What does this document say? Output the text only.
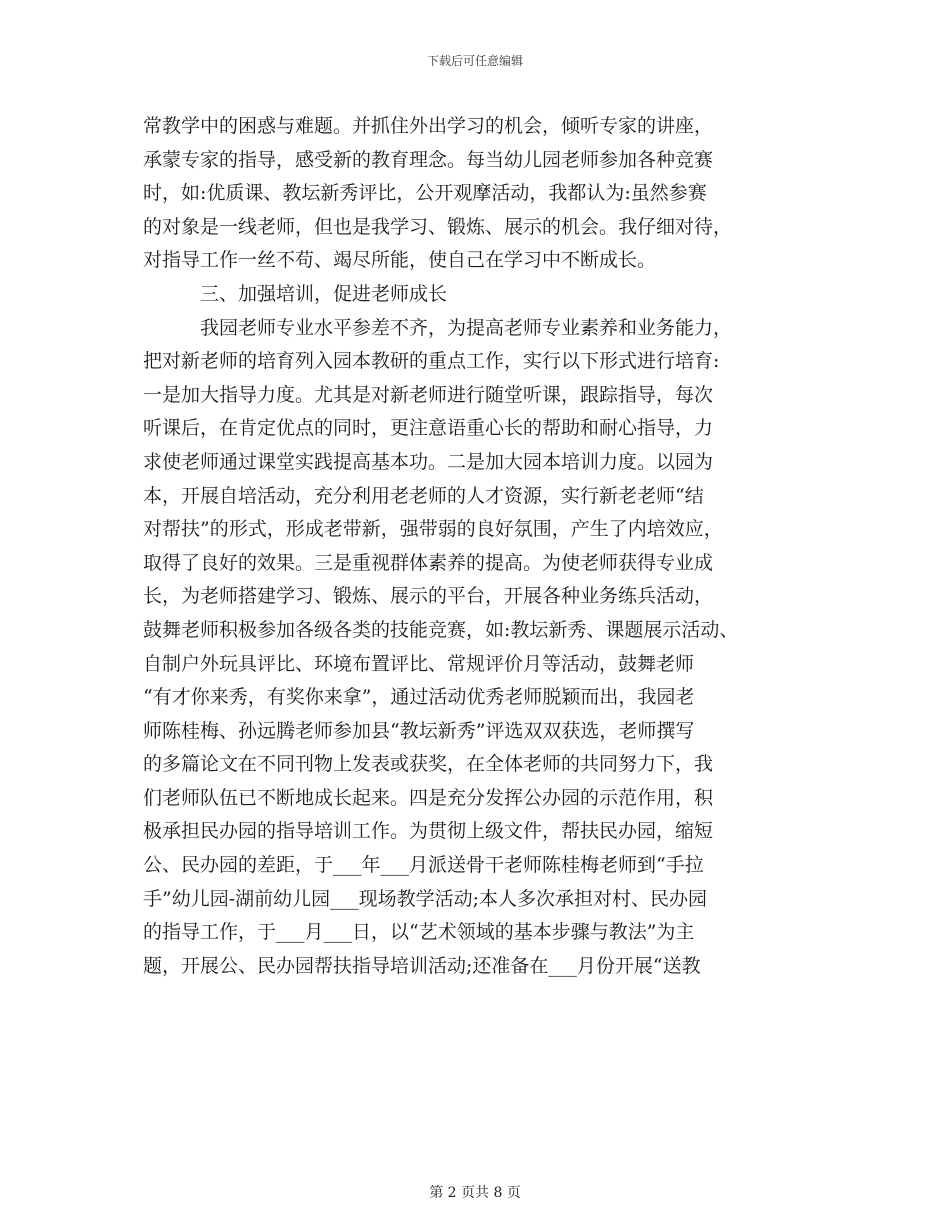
下载后可任意编辑
常教学中的困惑与难题。并抓住外出学习的机会，倾听专家的讲座，
承蒙专家的指导，感受新的教育理念。每当幼儿园老师参加各种竞赛
时，如:优质课、教坛新秀评比，公开观摩活动，我都认为:虽然参赛
的对象是一线老师，但也是我学习、锻炼、展示的机会。我仔细对待，
对指导工作一丝不苟、竭尽所能，使自己在学习中不断成长。
三、加强培训，促进老师成长
我园老师专业水平参差不齐，为提高老师专业素养和业务能力，
把对新老师的培育列入园本教研的重点工作，实行以下形式进行培育:
一是加大指导力度。尤其是对新老师进行随堂听课，跟踪指导，每次
听课后，在肯定优点的同时，更注意语重心长的帮助和耐心指导，力
求使老师通过课堂实践提高基本功。二是加大园本培训力度。以园为
本，开展自培活动，充分利用老老师的人才资源，实行新老老师“结
对帮扶”的形式，形成老带新，强带弱的良好氛围，产生了内培效应，
取得了良好的效果。三是重视群体素养的提高。为使老师获得专业成
长，为老师搭建学习、锻炼、展示的平台，开展各种业务练兵活动，
鼓舞老师积极参加各级各类的技能竞赛，如:教坛新秀、课题展示活动、
自制户外玩具评比、环境布置评比、常规评价月等活动，鼓舞老师
“有才你来秀，有奖你来拿”，通过活动优秀老师脱颖而出，我园老
师陈桂梅、孙远腾老师参加县“教坛新秀”评选双双获选，老师撰写
的多篇论文在不同刊物上发表或获奖，在全体老师的共同努力下，我
们老师队伍已不断地成长起来。四是充分发挥公办园的示范作用，积
极承担民办园的指导培训工作。为贯彻上级文件，帮扶民办园，缩短
公、民办园的差距，于___年___月派送骨干老师陈桂梅老师到“手拉
手”幼儿园-湖前幼儿园___现场教学活动;本人多次承担对村、民办园
的指导工作，于___月___日，以“艺术领域的基本步骤与教法”为主
题，开展公、民办园帮扶指导培训活动;还准备在___月份开展“送教
第 2 页共 8 页
